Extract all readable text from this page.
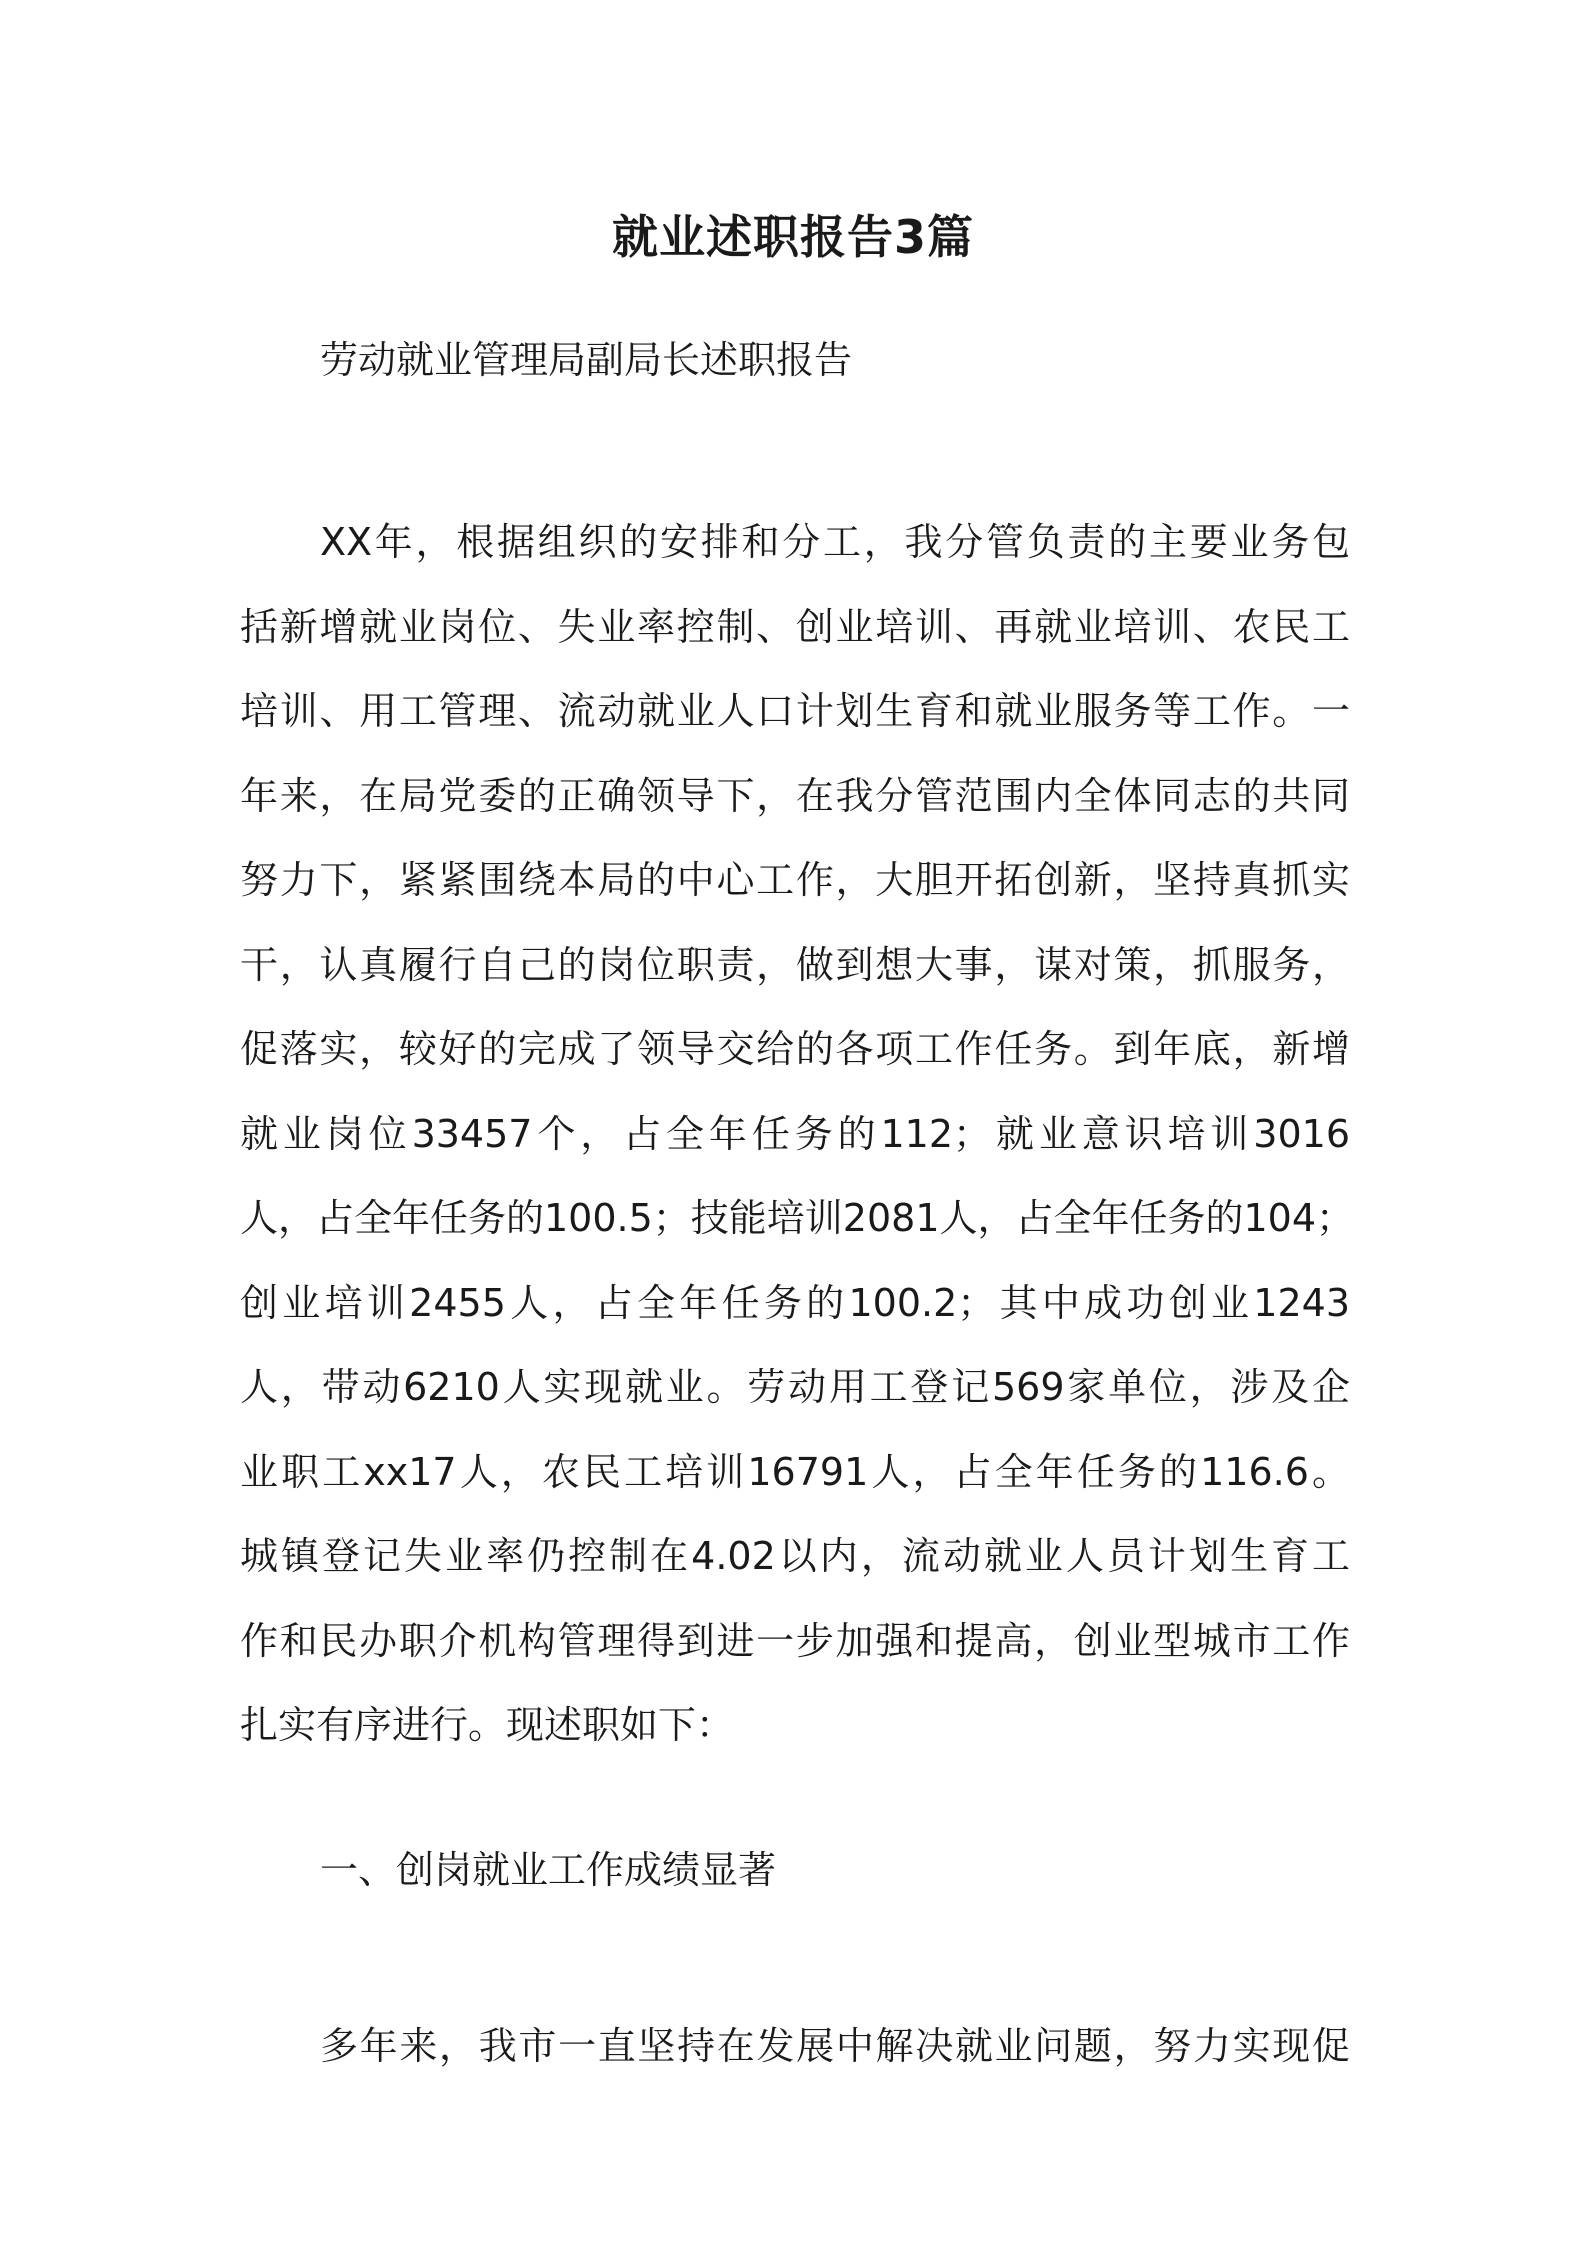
就业述职报告3篇

劳动就业管理局副局长述职报告

XX年，根据组织的安排和分工，我分管负责的主要业务包
括新增就业岗位、失业率控制、创业培训、再就业培训、农民工
培训、用工管理、流动就业人口计划生育和就业服务等工作。一
年来，在局党委的正确领导下，在我分管范围内全体同志的共同
努力下，紧紧围绕本局的中心工作，大胆开拓创新，坚持真抓实
干，认真履行自己的岗位职责，做到想大事，谋对策，抓服务，
促落实，较好的完成了领导交给的各项工作任务。到年底，新增
就业岗位33457个，占全年任务的112；就业意识培训3016
人，占全年任务的100.5；技能培训2081人，占全年任务的104；
创业培训2455人，占全年任务的100.2；其中成功创业1243
人，带动6210人实现就业。劳动用工登记569家单位，涉及企
业职工xx17人，农民工培训16791人，占全年任务的116.6。
城镇登记失业率仍控制在4.02以内，流动就业人员计划生育工
作和民办职介机构管理得到进一步加强和提高，创业型城市工作
扎实有序进行。现述职如下：

一、创岗就业工作成绩显著

多年来，我市一直坚持在发展中解决就业问题，努力实现促
